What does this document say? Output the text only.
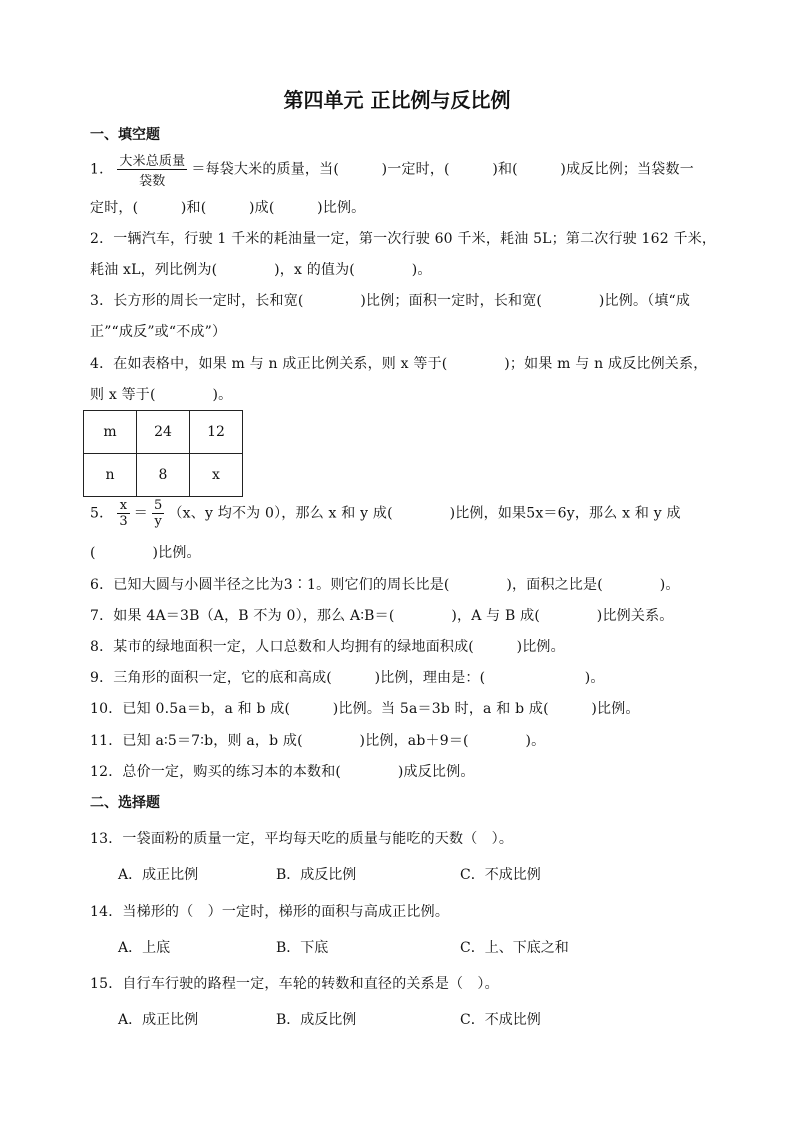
第四单元 正比例与反比例
一、填空题
1． $\frac{\text{大米总质量}}{\text{袋数}}$ ＝每袋大米的质量，当(　　　)一定时，(　　　)和(　　　)成反比例；当袋数一
定时，(　　　)和(　　　)成(　　　)比例。
2．一辆汽车，行驶 1 千米的耗油量一定，第一次行驶 60 千米，耗油 5L；第二次行驶 162 千米，
耗油 xL，列比例为(　　　　)，x 的值为(　　　　)。
3．长方形的周长一定时，长和宽(　　　　)比例；面积一定时，长和宽(　　　　)比例。（填“成
正”“成反”或“不成”）
4．在如表格中，如果 m 与 n 成正比例关系，则 x 等于(　　　　)；如果 m 与 n 成反比例关系，
则 x 等于(　　　　)。
m	24	12
n	8	x
5． $\frac{x}{3} = \frac{5}{y} (x$、y 均不为 0），那么 x 和 y 成(　　　　)比例，如果5x＝6y，那么 x 和 y 成
(　　　　)比例。
6．已知大圆与小圆半径之比为3∶1。则它们的周长比是(　　　　)，面积之比是(　　　　)。
7．如果 4A＝3B（A，B 不为 0），那么 A∶B＝(　　　　)，A 与 B 成(　　　　)比例关系。
8．某市的绿地面积一定，人口总数和人均拥有的绿地面积成(　　　)比例。
9．三角形的面积一定，它的底和高成(　　　)比例，理由是：(　　　　　　　)。
10．已知 0.5a＝b，a 和 b 成(　　　)比例。当 5a＝3b 时，a 和 b 成(　　　)比例。
11．已知 a∶5＝7∶b，则 a，b 成(　　　　)比例，ab＋9＝(　　　　)。
12．总价一定，购买的练习本的本数和(　　　　)成反比例。
二、选择题
13．一袋面粉的质量一定，平均每天吃的质量与能吃的天数（　）。
A．成正比例	B．成反比例	C．不成比例
14．当梯形的（　）一定时，梯形的面积与高成正比例。
A．上底	B．下底	C．上、下底之和
15．自行车行驶的路程一定，车轮的转数和直径的关系是（　）。
A．成正比例	B．成反比例	C．不成比例
